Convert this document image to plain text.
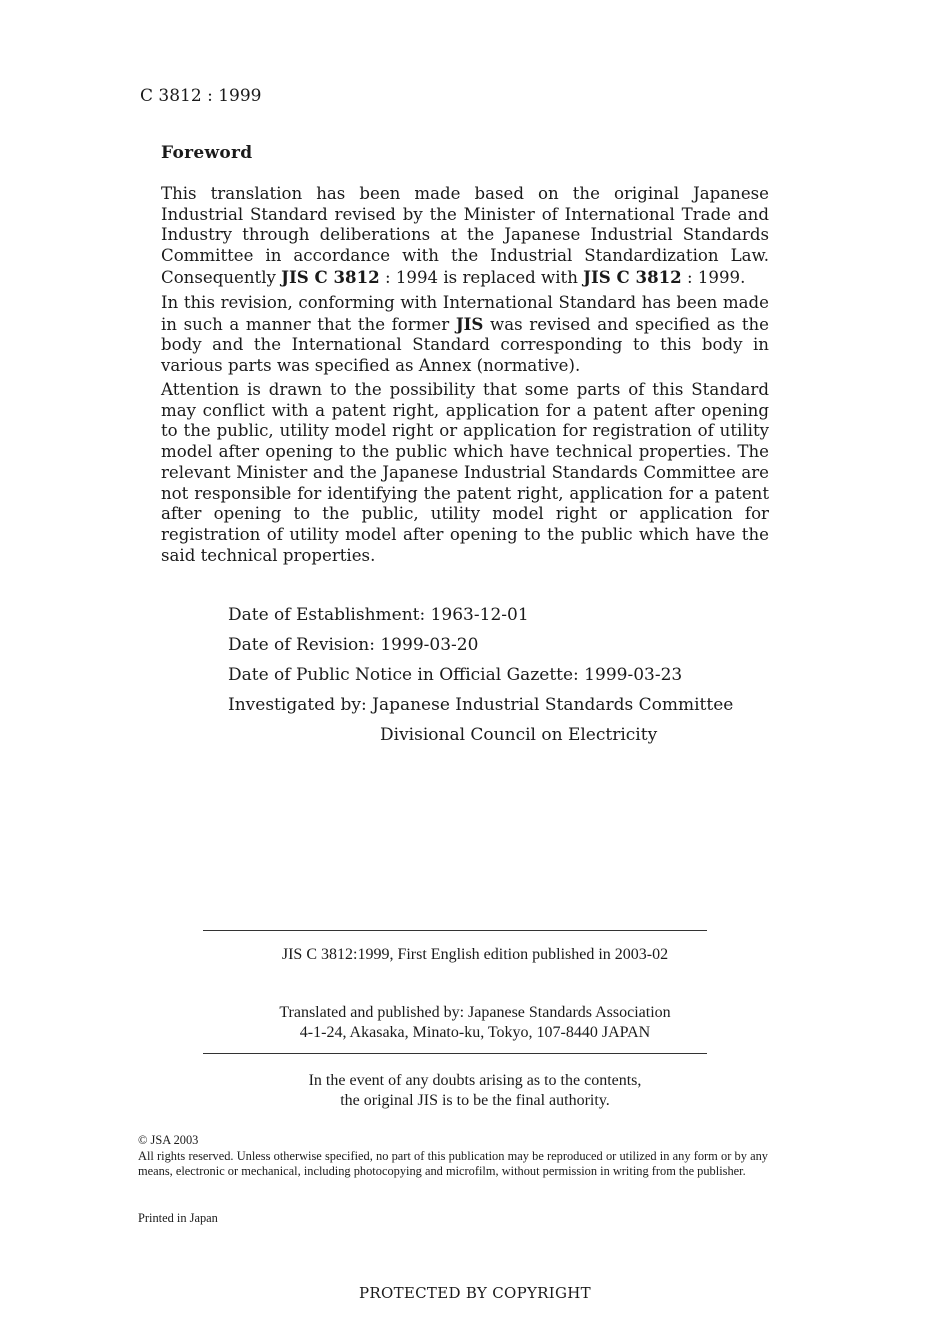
C 3812 : 1999
Foreword

This translation has been made based on the original Japanese Industrial Standard revised by the Minister of International Trade and Industry through deliberations at the Japanese Industrial Standards Committee in accordance with the Industrial Standardization Law. Consequently JIS C 3812 : 1994 is replaced with JIS C 3812 : 1999.

In this revision, conforming with International Standard has been made in such a manner that the former JIS was revised and specified as the body and the International Standard corresponding to this body in various parts was specified as Annex (normative).

Attention is drawn to the possibility that some parts of this Standard may conflict with a patent right, application for a patent after opening to the public, utility model right or application for registration of utility model after opening to the public which have technical properties. The relevant Minister and the Japanese Industrial Standards Committee are not responsible for identifying the patent right, application for a patent after opening to the public, utility model right or application for registration of utility model after opening to the public which have the said technical properties.

Date of Establishment: 1963-12-01
Date of Revision: 1999-03-20
Date of Public Notice in Official Gazette: 1999-03-23
Investigated by: Japanese Industrial Standards Committee
Divisional Council on Electricity
JIS C 3812:1999, First English edition published in 2003-02
Translated and published by: Japanese Standards Association
4-1-24, Akasaka, Minato-ku, Tokyo, 107-8440 JAPAN
In the event of any doubts arising as to the contents,
the original JIS is to be the final authority.
© JSA 2003

All rights reserved. Unless otherwise specified, no part of this publication may be reproduced or utilized in any form or by any means, electronic or mechanical, including photocopying and microfilm, without permission in writing from the publisher.

Printed in Japan
PROTECTED BY COPYRIGHT
